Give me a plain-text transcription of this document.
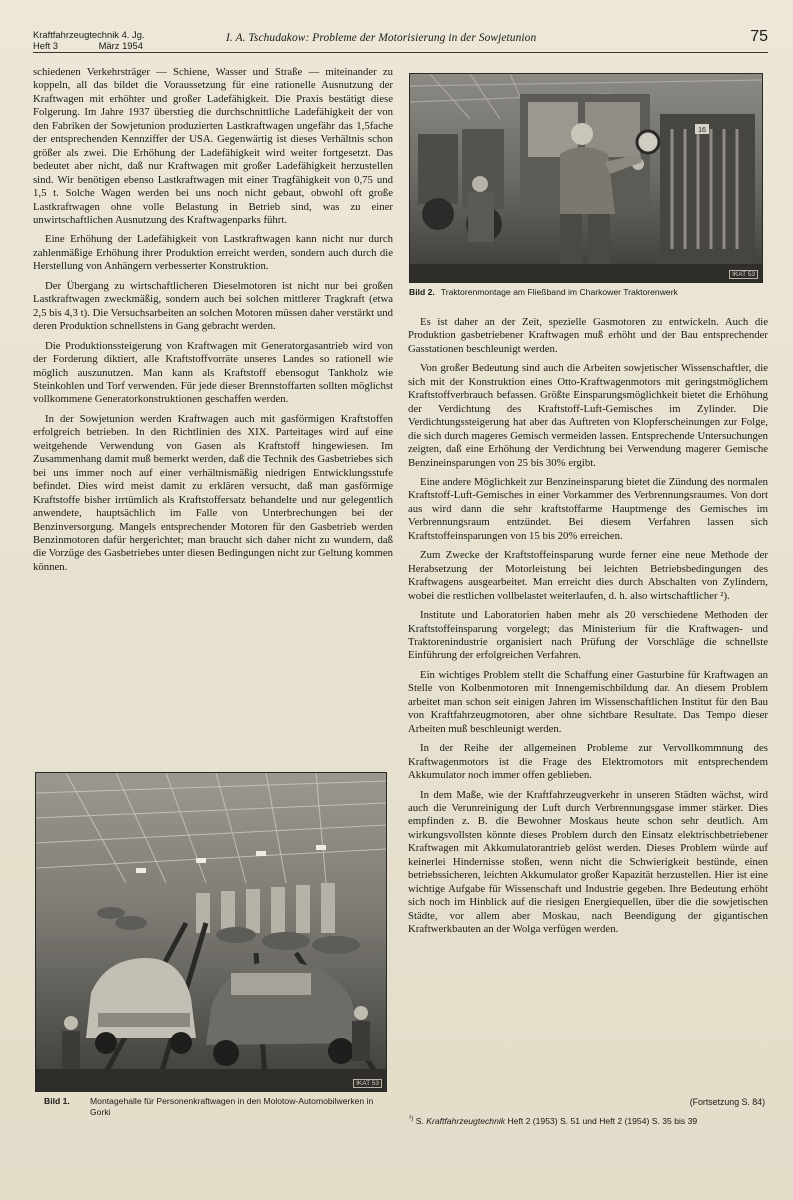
Kraftfahrzeugtechnik 4. Jg.
Heft 3	März 1954
I. A. Tschudakow: Probleme der Motorisierung in der Sowjetunion	75
16
IKAT 53
Bild 2. Traktorenmontage am Fließband im Charkower Traktorenwerk

schiedenen Verkehrsträger — Schiene, Wasser und Straße — miteinander zu koppeln, all das bildet die Voraussetzung für eine rationelle Ausnutzung der Kraftwagen mit erhöhter und großer Ladefähigkeit. Die Praxis bestätigt diese Folgerung. Im Jahre 1937 überstieg die durchschnittliche Ladefähigkeit der von den Fabriken der Sowjetunion produzierten Lastkraftwagen ungefähr das 1,5fache der entsprechenden Kennziffer der USA. Gegenwärtig ist dieses Verhältnis schon größer als zwei. Die Erhöhung der Ladefähigkeit wird weiter fortgesetzt. Das bedeutet aber nicht, daß nur Kraftwagen mit großer Ladefähigkeit herzustellen sind. Wir benötigen ebenso Lastkraftwagen mit einer Tragfähigkeit von 0,75 und 1,5 t. Solche Wagen werden bei uns noch nicht gebaut, obwohl oft große Lastkraftwagen ohne volle Belastung in Betrieb sind, was zu einer unwirtschaftlichen Ausnutzung des Kraftwagenparks führt.

Eine Erhöhung der Ladefähigkeit von Lastkraftwagen kann nicht nur durch zahlenmäßige Erhöhung ihrer Produktion erreicht werden, sondern auch durch die Herstellung von Anhängern verbesserter Konstruktion.

Der Übergang zu wirtschaftlicheren Dieselmotoren ist nicht nur bei großen Lastkraftwagen zweckmäßig, sondern auch bei solchen mittlerer Tragkraft (etwa 2,5 bis 4,3 t). Die Versuchsarbeiten an solchen Motoren müssen daher verstärkt und deren Produktion schnellstens in Gang gebracht werden.

Die Produktionssteigerung von Kraftwagen mit Generatorgasantrieb wird von der Forderung diktiert, alle Kraftstoffvorräte unseres Landes so rationell wie möglich auszunutzen. Man kann als Kraftstoff ebensogut Tankholz wie Steinkohlen und Torf verwenden. Für jede dieser Brennstoffarten sollten möglichst vollkommene Generatorkonstruktionen geschaffen werden.

In der Sowjetunion werden Kraftwagen auch mit gasförmigen Kraftstoffen erfolgreich betrieben. In den Richtlinien des XIX. Parteitages wird auf eine weitgehende Verwendung von Gasen als Kraftstoff hingewiesen. Im Zusammenhang damit muß bemerkt werden, daß die Technik des Gasbetriebes sich bei uns immer noch auf einer verhältnismäßig niedrigen Entwicklungsstufe befindet. Dies wird meist damit zu erklären versucht, daß man gasförmige Kraftstoffe bisher irrtümlich als Kraftstoffersatz behandelte und nur gelegentlich anwendete, hauptsächlich im Falle von Unterbrechungen bei der Benzinversorgung. Mangels entsprechender Motoren für den Gasbetrieb werden Benzinmotoren dafür hergerichtet; man braucht sich daher nicht zu wundern, daß die Vorzüge des Gasbetriebes unter diesen Bedingungen nicht zur Geltung kommen können.

Es ist daher an der Zeit, spezielle Gasmotoren zu entwickeln. Auch die Produktion gasbetriebener Kraftwagen muß erhöht und der Bau entsprechender Gasstationen beschleunigt werden.

Von großer Bedeutung sind auch die Arbeiten sowjetischer Wissenschaftler, die sich mit der Konstruktion eines Otto-Kraftwagenmotors mit geringstmöglichem Kraftstoffverbrauch befassen. Größte Einsparungsmöglichkeit bietet die Erhöhung der Verdichtung des Kraftstoff-Luft-Gemisches im Zylinder. Die Verdichtungssteigerung hat aber das Auftreten von Klopferscheinungen zur Folge, die sich durch mageres Gemisch vermeiden lassen. Entsprechende Untersuchungen zeigten, daß eine Erhöhung der Verdichtung bei Verwendung magerer Gemische Benzineinsparungen von 25 bis 30% ergibt.

Eine andere Möglichkeit zur Benzineinsparung bietet die Zündung des normalen Kraftstoff-Luft-Gemisches in einer Vorkammer des Verbrennungsraumes. Von dort aus wird dann die sehr kraftstoffarme Hauptmenge des Gemisches im Verbrennungsraum entzündet. Bei diesem Verfahren lassen sich Kraftstoffeinsparungen von 15 bis 20% erreichen.

Zum Zwecke der Kraftstoffeinsparung wurde ferner eine neue Methode der Herabsetzung der Motorleistung bei leichten Betriebsbedingungen des Kraftwagens ausgearbeitet. Man erreicht dies durch Abschalten von Zylindern, wobei die restlichen vollbelastet weiterlaufen, d. h. also wirtschaftlicher ²).

Institute und Laboratorien haben mehr als 20 verschiedene Methoden der Kraftstoffeinsparung vorgelegt; das Ministerium für die Kraftwagen- und Traktorenindustrie organisiert nach Prüfung der Vorschläge die schnellste Einführung der erfolgreichen Verfahren.

Ein wichtiges Problem stellt die Schaffung einer Gasturbine für Kraftwagen an Stelle von Kolbenmotoren mit Innengemischbildung dar. An diesem Problem arbeitet man schon seit einigen Jahren im Wissenschaftlichen Institut für den Bau von Kraftfahrzeugmotoren, aber ohne sichtbare Resultate. Das Tempo dieser Arbeiten muß beschleunigt werden.

In der Reihe der allgemeinen Probleme zur Vervollkommnung des Kraftwagenmotors ist die Frage des Elektromotors mit entsprechendem Akkumulator noch immer offen geblieben.

In dem Maße, wie der Kraftfahrzeugverkehr in unseren Städten wächst, wird auch die Verunreinigung der Luft durch Verbrennungsgase immer stärker. Dies empfinden z. B. die Bewohner Moskaus heute schon sehr deutlich. Am wirkungsvollsten könnte dieses Problem durch den Einsatz elektrischbetriebener Kraftwagen mit Akkumulatorantrieb gelöst werden. Dieses Problem würde auf keinerlei Hindernisse stoßen, wenn nicht die Schwierigkeit bestünde, einen betriebssicheren, leichten Akkumulator großer Kapazität herzustellen. Hier ist eine wichtige Aufgabe für Wissenschaft und Industrie gegeben. Ihre Bedeutung erhöht sich noch im Hinblick auf die riesigen Energiequellen, über die die sowjetischen Städte, vor allem aber Moskau, nach Beendigung der gigantischen Kraftwerkbauten an der Wolga verfügen werden.

IKAT 53
Bild 1. Montagehalle für Personenkraftwagen in den Molotow-Automobilwerken in Gorki
(Fortsetzung S. 84)
$^{^2)}$ S. Kraftfahrzeugtechnik Heft 2 (1953) S. 51 und Heft 2 (1954) S. 35 bis 39
